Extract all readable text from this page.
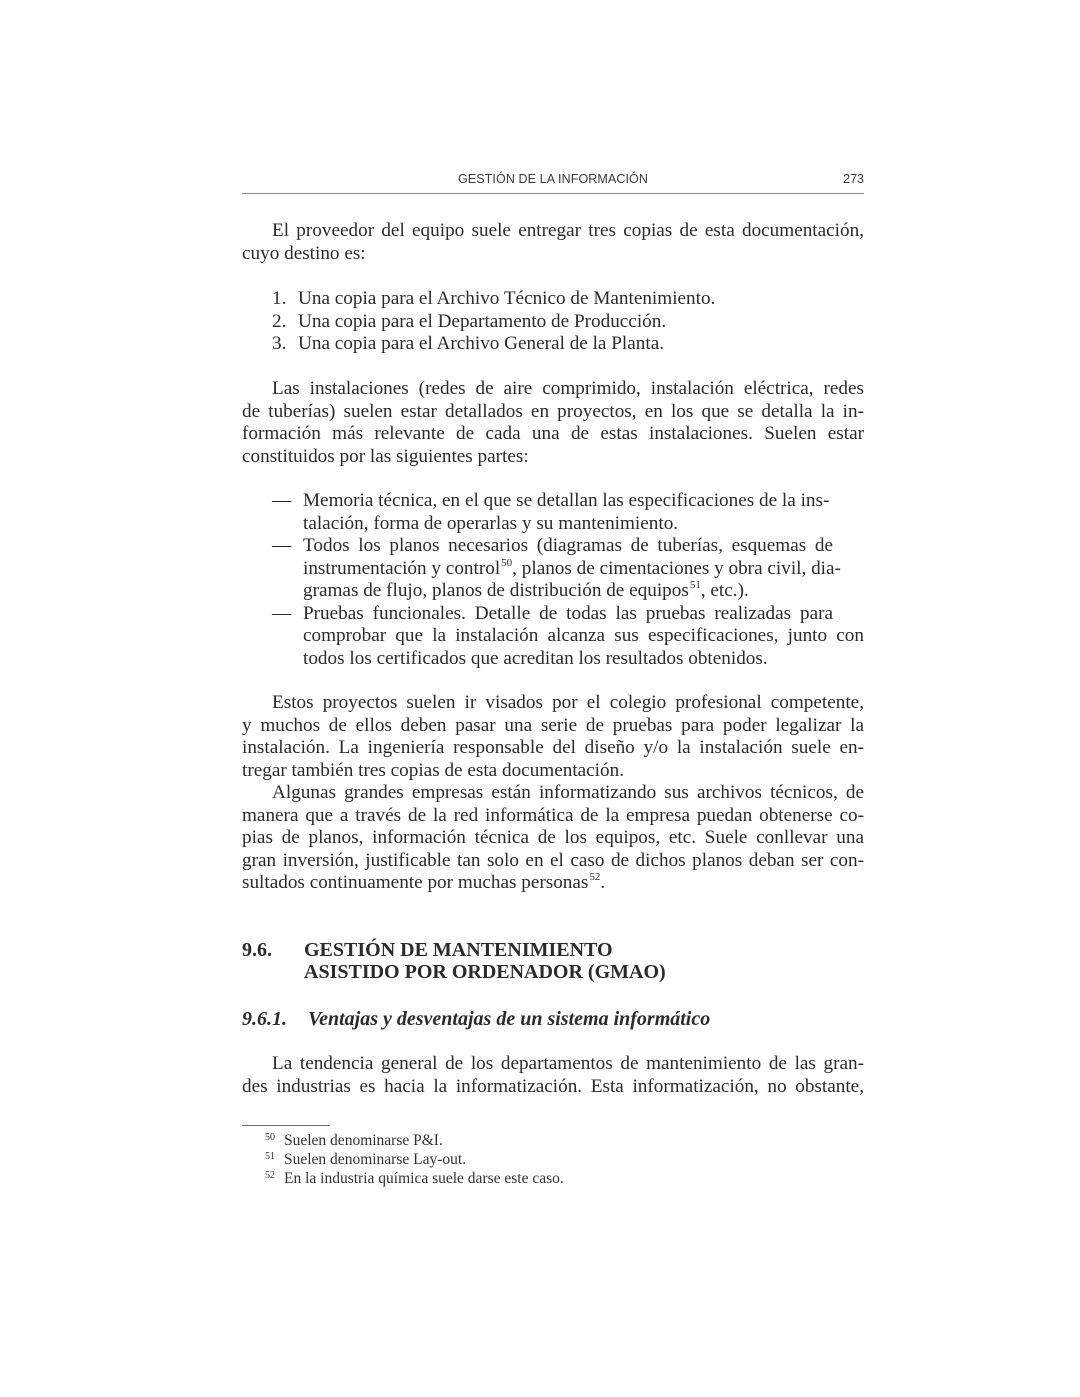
GESTIÓN DE LA INFORMACIÓN	273
El proveedor del equipo suele entregar tres copias de esta documentación,
cuyo destino es:
1. Una copia para el Archivo Técnico de Mantenimiento.
2. Una copia para el Departamento de Producción.
3. Una copia para el Archivo General de la Planta.
Las instalaciones (redes de aire comprimido, instalación eléctrica, redes
de tuberías) suelen estar detallados en proyectos, en los que se detalla la in-
formación más relevante de cada una de estas instalaciones. Suelen estar
constituidos por las siguientes partes:
— Memoria técnica, en el que se detallan las especificaciones de la ins-
talación, forma de operarlas y su mantenimiento.
— Todos los planos necesarios (diagramas de tuberías, esquemas de
instrumentación y control$^{50}$, planos de cimentaciones y obra civil, dia-
gramas de flujo, planos de distribución de equipos$^{51}$, etc.).
— Pruebas funcionales. Detalle de todas las pruebas realizadas para
comprobar que la instalación alcanza sus especificaciones, junto con
todos los certificados que acreditan los resultados obtenidos.
Estos proyectos suelen ir visados por el colegio profesional competente,
y muchos de ellos deben pasar una serie de pruebas para poder legalizar la
instalación. La ingeniería responsable del diseño y/o la instalación suele en-
tregar también tres copias de esta documentación.
Algunas grandes empresas están informatizando sus archivos técnicos, de
manera que a través de la red informática de la empresa puedan obtenerse co-
pias de planos, información técnica de los equipos, etc. Suele conllevar una
gran inversión, justificable tan solo en el caso de dichos planos deban ser con-
sultados continuamente por muchas personas$^{52}$.
9.6. GESTIÓN DE MANTENIMIENTO
ASISTIDO POR ORDENADOR (GMAO)
9.6.1. Ventajas y desventajas de un sistema informático
La tendencia general de los departamentos de mantenimiento de las gran-
des industrias es hacia la informatización. Esta informatización, no obstante,
50 Suelen denominarse P&I.
51 Suelen denominarse Lay-out.
52 En la industria química suele darse este caso.
